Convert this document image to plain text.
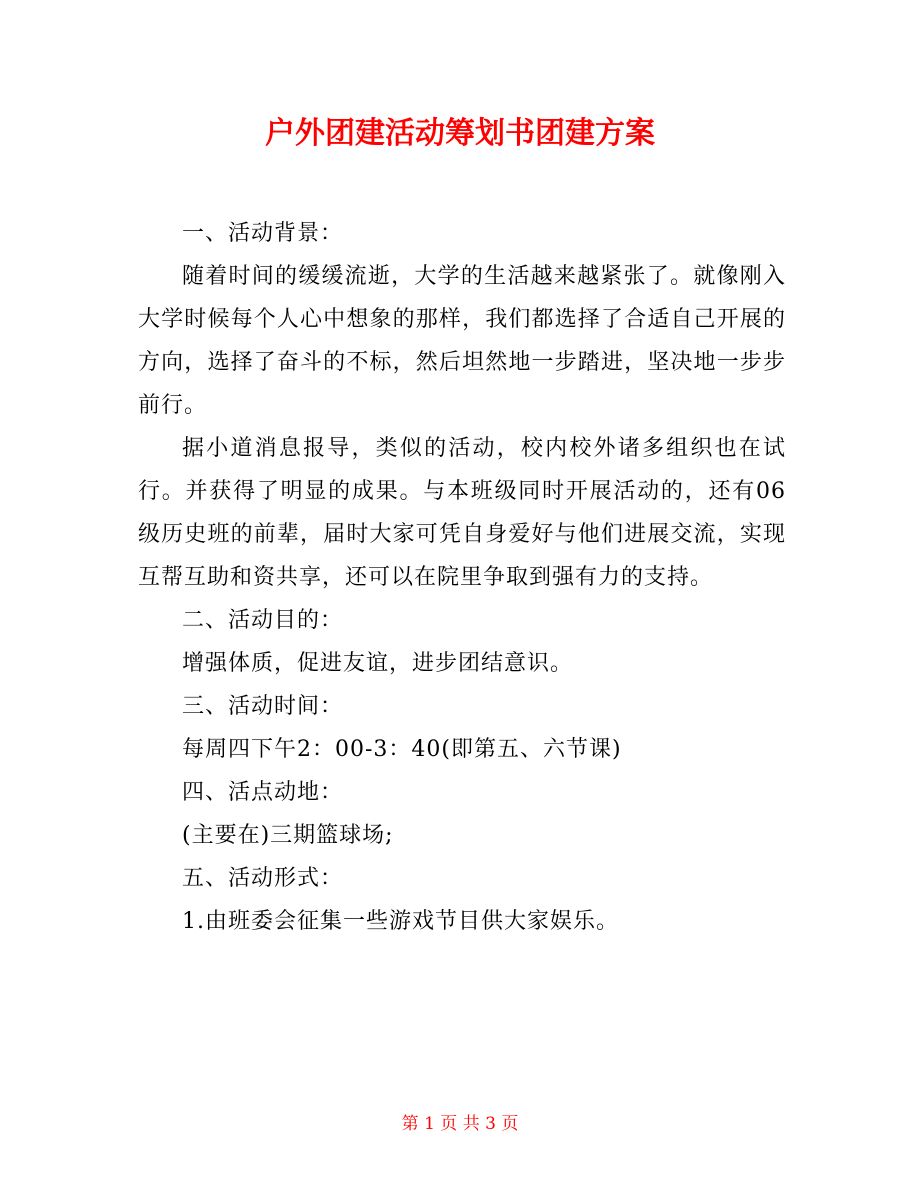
户外团建活动筹划书团建方案

一、活动背景：

随着时间的缓缓流逝，大学的生活越来越紧张了。就像刚入大学时候每个人心中想象的那样，我们都选择了合适自己开展的方向，选择了奋斗的不标，然后坦然地一步踏进，坚决地一步步前行。

据小道消息报导，类似的活动，校内校外诸多组织也在试行。并获得了明显的成果。与本班级同时开展活动的，还有06级历史班的前辈，届时大家可凭自身爱好与他们进展交流，实现互帮互助和资共享，还可以在院里争取到强有力的支持。

二、活动目的：

增强体质，促进友谊，进步团结意识。

三、活动时间：

每周四下午2：00-3：40(即第五、六节课)

四、活点动地：

(主要在)三期篮球场;

五、活动形式：

1.由班委会征集一些游戏节目供大家娱乐。

第 1 页 共 3 页
